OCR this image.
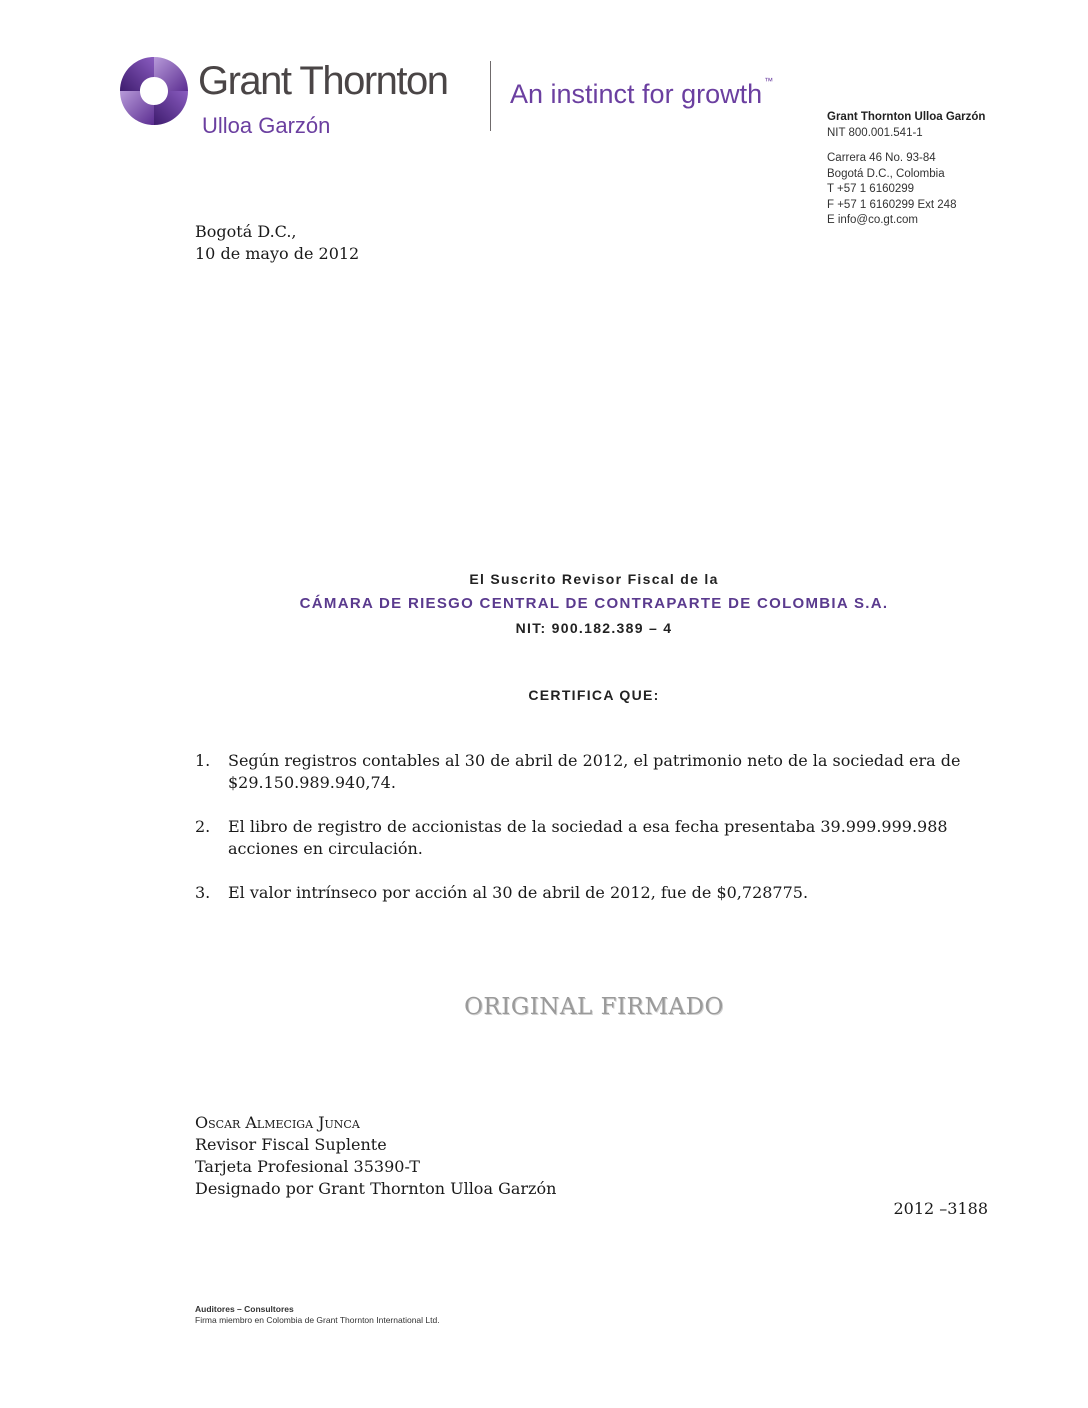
Grant Thornton
Ulloa Garzón
An instinct for growth ™
Grant Thornton Ulloa Garzón
NIT 800.001.541-1
Carrera 46 No. 93-84
Bogotá D.C., Colombia
T +57 1 6160299
F +57 1 6160299 Ext 248
E info@co.gt.com
Bogotá D.C.,
10 de mayo de 2012
El Suscrito Revisor Fiscal de la
CÁMARA DE RIESGO CENTRAL DE CONTRAPARTE DE COLOMBIA S.A.
NIT: 900.182.389 – 4
CERTIFICA QUE:
1.	Según registros contables al 30 de abril de 2012, el patrimonio neto de la sociedad era de $29.150.989.940,74.
2.	El libro de registro de accionistas de la sociedad a esa fecha presentaba 39.999.999.988 acciones en circulación.
3.	El valor intrínseco por acción al 30 de abril de 2012, fue de $0,728775.
ORIGINAL FIRMADO
Oscar Almeciga Junca
Revisor Fiscal Suplente
Tarjeta Profesional 35390-T
Designado por Grant Thornton Ulloa Garzón
2012 –3188
Auditores – Consultores
Firma miembro en Colombia de Grant Thornton International Ltd.
